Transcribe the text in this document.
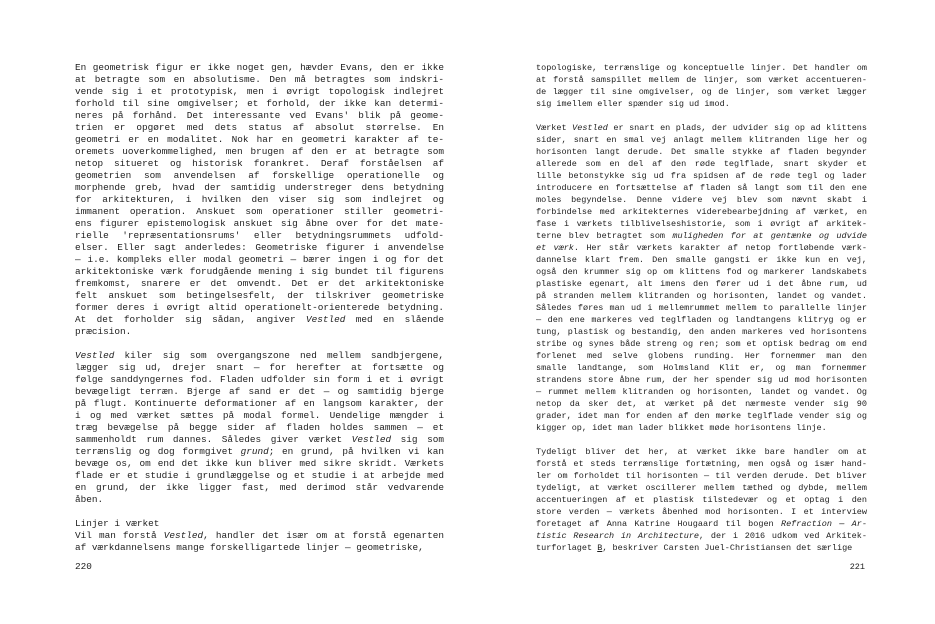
En geometrisk figur er ikke noget gen, hævder Evans, den er ikke
at betragte som en absolutisme. Den må betragtes som indskri-
vende sig i et prototypisk, men i øvrigt topologisk indlejret
forhold til sine omgivelser; et forhold, der ikke kan determi-
neres på forhånd. Det interessante ved Evans' blik på geome-
trien er opgøret med dets status af absolut størrelse. En
geometri er en modalitet. Nok har en geometri karakter af te-
oremets uoverkommelighed, men brugen af den er at betragte som
netop situeret og historisk forankret. Deraf forståelsen af
geometrien som anvendelsen af forskellige operationelle og
morphende greb, hvad der samtidig understreger dens betydning
for arkitekturen, i hvilken den viser sig som indlejret og
immanent operation. Anskuet som operationer stiller geometri-
ens figurer epistemologisk anskuet sig åbne over for det mate-
rielle 'repræsentationsrums' eller betydningsrummets udfold-
elser. Eller sagt anderledes: Geometriske figurer i anvendelse
— i.e. kompleks eller modal geometri — bærer ingen i og for det
arkitektoniske værk forudgående mening i sig bundet til figurens
fremkomst, snarere er det omvendt. Det er det arkitektoniske
felt anskuet som betingelsesfelt, der tilskriver geometriske
former deres i øvrigt altid operationelt-orienterede betydning.
At det forholder sig sådan, angiver Vestled med en slående
præcision.
Vestled kiler sig som overgangszone ned mellem sandbjergene,
lægger sig ud, drejer snart — for herefter at fortsætte og
følge sanddyngernes fod. Fladen udfolder sin form i et i øvrigt
bevægeligt terræn. Bjerge af sand er det — og samtidig bjerge
på flugt. Kontinuerte deformationer af en langsom karakter, der
i og med værket sættes på modal formel. Uendelige mængder i
træg bevægelse på begge sider af fladen holdes sammen — et
sammenholdt rum dannes. Således giver værket Vestled sig som
terrænslig og dog formgivet grund; en grund, på hvilken vi kan
bevæge os, om end det ikke kun bliver med sikre skridt. Værkets
flade er et studie i grundlæggelse og et studie i at arbejde med
en grund, der ikke ligger fast, med derimod står vedvarende
åben.
Linjer i værket
Vil man forstå Vestled, handler det især om at forstå egenarten
af værkdannelsens mange forskelligartede linjer — geometriske,
220
topologiske, terrænslige og konceptuelle linjer. Det handler om
at forstå samspillet mellem de linjer, som værket accentueren-
de lægger til sine omgivelser, og de linjer, som værket lægger
sig imellem eller spænder sig ud imod.
Værket Vestled er snart en plads, der udvider sig op ad klittens
sider, snart en smal vej anlagt mellem klitranden lige her og
horisonten langt derude. Det smalle stykke af fladen begynder
allerede som en del af den røde teglflade, snart skyder et
lille betonstykke sig ud fra spidsen af de røde tegl og lader
introducere en fortsættelse af fladen så langt som til den ene
moles begyndelse. Denne videre vej blev som nævnt skabt i
forbindelse med arkitekternes viderebearbejdning af værket, en
fase i værkets tilblivelseshistorie, som i øvrigt af arkitek-
terne blev betragtet som muligheden for at gentænke og udvide
et værk. Her står værkets karakter af netop fortløbende værk-
dannelse klart frem. Den smalle gangsti er ikke kun en vej,
også den krummer sig op om klittens fod og markerer landskabets
plastiske egenart, alt imens den fører ud i det åbne rum, ud
på stranden mellem klitranden og horisonten, landet og vandet.
Således føres man ud i mellemrummet mellem to parallelle linjer
— den ene markeres ved teglfladen og landtangens klitryg og er
tung, plastisk og bestandig, den anden markeres ved horisontens
stribe og synes både streng og ren; som et optisk bedrag om end
forlenet med selve globens runding. Her fornemmer man den
smalle landtange, som Holmsland Klit er, og man fornemmer
strandens store åbne rum, der her spender sig ud mod horisonten
— rummet mellem klitranden og horisonten, landet og vandet. Og
netop da sker det, at værket på det nærmeste vender sig 90
grader, idet man for enden af den mørke teglflade vender sig og
kigger op, idet man lader blikket møde horisontens linje.
Tydeligt bliver det her, at værket ikke bare handler om at
forstå et steds terrænslige fortætning, men også og især hand-
ler om forholdet til horisonten — til verden derude. Det bliver
tydeligt, at værket oscillerer mellem tæthed og dybde, mellem
accentueringen af et plastisk tilstedevær og et optag i den
store verden — værkets åbenhed mod horisonten. I et interview
foretaget af Anna Katrine Hougaard til bogen Refraction — Ar-
tistic Research in Architecture, der i 2016 udkom ved Arkitek-
turforlaget B, beskriver Carsten Juel-Christiansen det særlige
221
